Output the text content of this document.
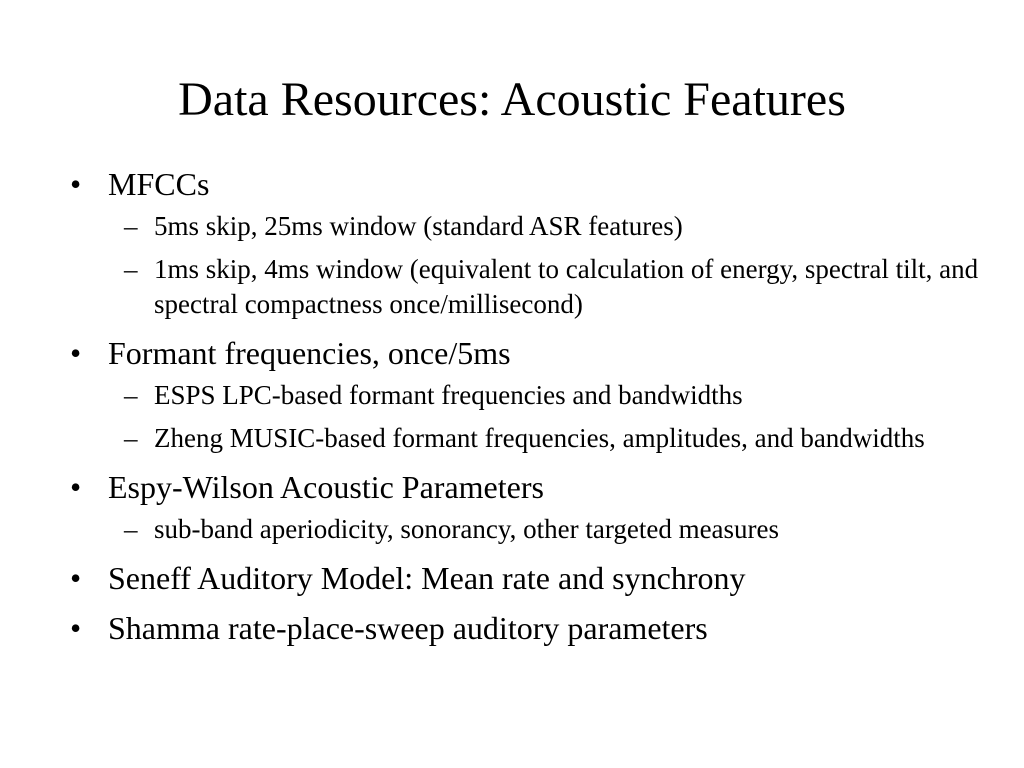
Data Resources: Acoustic Features
• MFCCs
– 5ms skip, 25ms window (standard ASR features)
– 1ms skip, 4ms window (equivalent to calculation of energy, spectral tilt, and spectral compactness once/millisecond)
• Formant frequencies, once/5ms
– ESPS LPC-based formant frequencies and bandwidths
– Zheng MUSIC-based formant frequencies, amplitudes, and bandwidths
• Espy-Wilson Acoustic Parameters
– sub-band aperiodicity, sonorancy, other targeted measures
• Seneff Auditory Model: Mean rate and synchrony
• Shamma rate-place-sweep auditory parameters
